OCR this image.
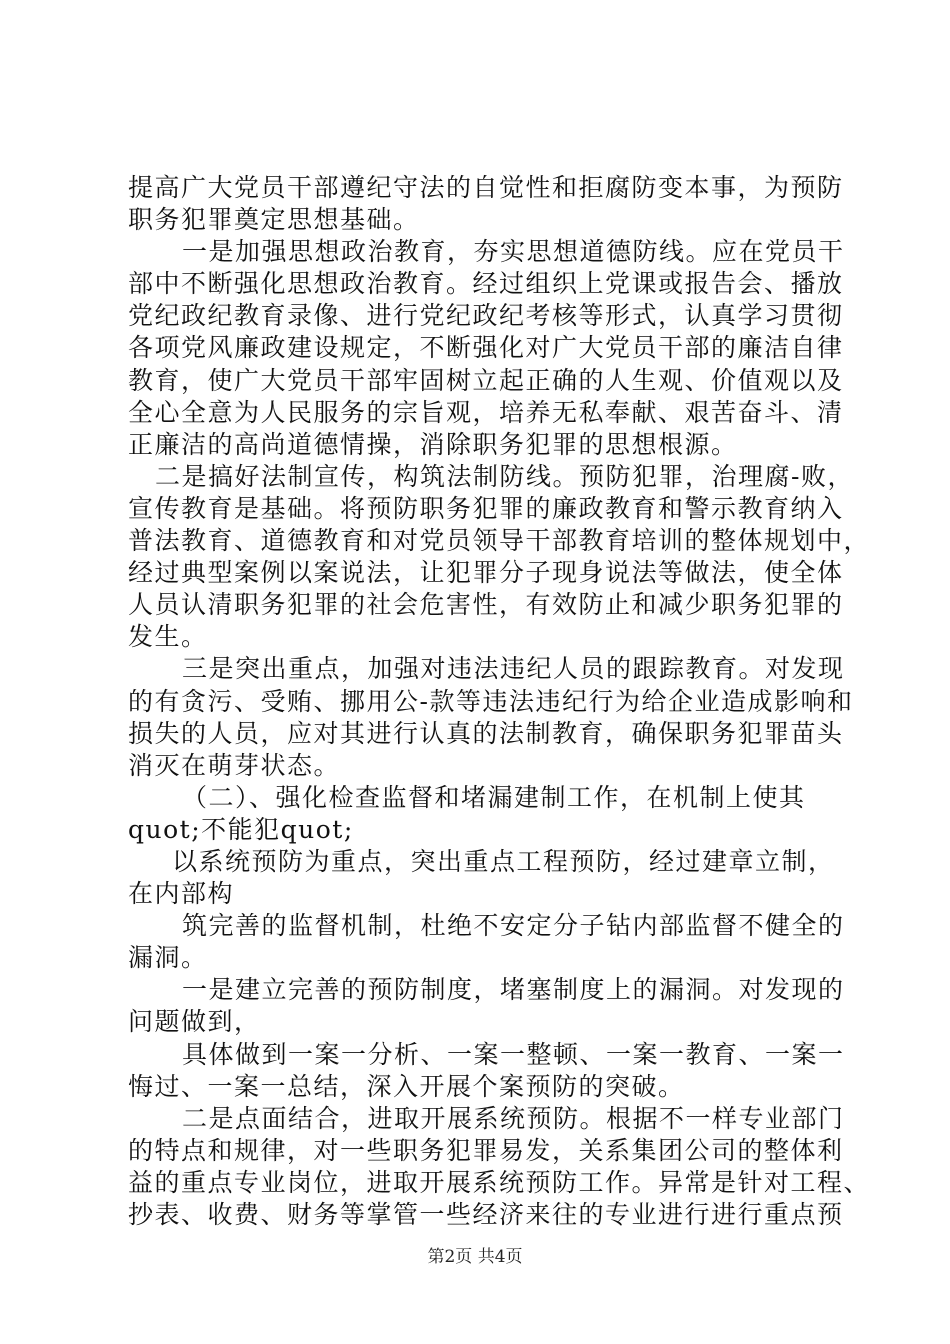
提高广大党员干部遵纪守法的自觉性和拒腐防变本事，为预防
职务犯罪奠定思想基础。
一是加强思想政治教育，夯实思想道德防线。应在党员干
部中不断强化思想政治教育。经过组织上党课或报告会、播放
党纪政纪教育录像、进行党纪政纪考核等形式，认真学习贯彻
各项党风廉政建设规定，不断强化对广大党员干部的廉洁自律
教育，使广大党员干部牢固树立起正确的人生观、价值观以及
全心全意为人民服务的宗旨观，培养无私奉献、艰苦奋斗、清
正廉洁的高尚道德情操，消除职务犯罪的思想根源。
二是搞好法制宣传，构筑法制防线。预防犯罪，治理腐-败，
宣传教育是基础。将预防职务犯罪的廉政教育和警示教育纳入
普法教育、道德教育和对党员领导干部教育培训的整体规划中，
经过典型案例以案说法，让犯罪分子现身说法等做法，使全体
人员认清职务犯罪的社会危害性，有效防止和减少职务犯罪的
发生。
三是突出重点，加强对违法违纪人员的跟踪教育。对发现
的有贪污、受贿、挪用公-款等违法违纪行为给企业造成影响和
损失的人员，应对其进行认真的法制教育，确保职务犯罪苗头
消灭在萌芽状态。
（二）、强化检查监督和堵漏建制工作，在机制上使其
quot;不能犯quot;
以系统预防为重点，突出重点工程预防，经过建章立制，
在内部构
筑完善的监督机制，杜绝不安定分子钻内部监督不健全的
漏洞。
一是建立完善的预防制度，堵塞制度上的漏洞。对发现的
问题做到，
具体做到一案一分析、一案一整顿、一案一教育、一案一
悔过、一案一总结，深入开展个案预防的突破。
二是点面结合，进取开展系统预防。根据不一样专业部门
的特点和规律，对一些职务犯罪易发，关系集团公司的整体利
益的重点专业岗位，进取开展系统预防工作。异常是针对工程、
抄表、收费、财务等掌管一些经济来往的专业进行进行重点预
第2页 共4页
